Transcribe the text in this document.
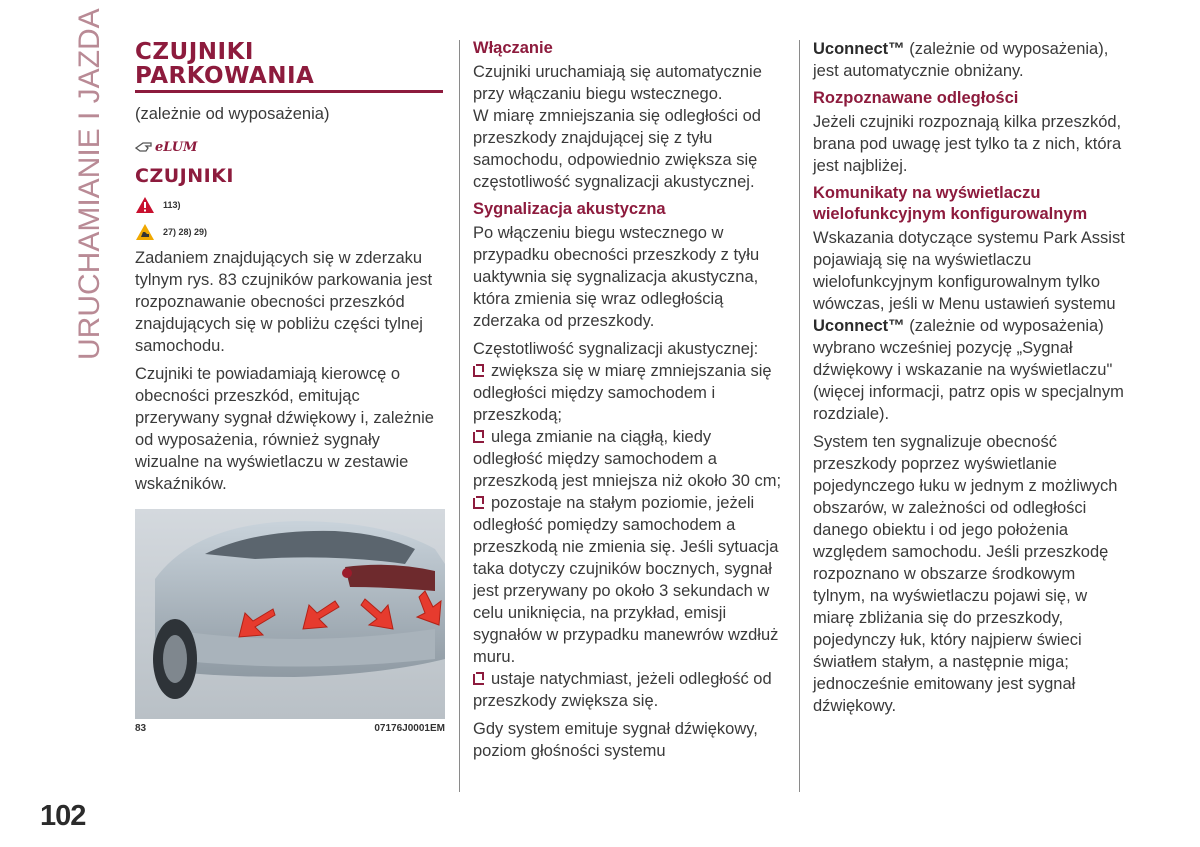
URUCHAMIANIE I JAZDA
102
CZUJNIKI
PARKOWANIA

(zależnie od wyposażenia)

eLUM
CZUJNIKI
113)
27) 28) 29)

Zadaniem znajdujących się w zderzaku tylnym rys. 83 czujników parkowania jest rozpoznawanie obecności przeszkód znajdujących się w pobliżu części tylnej samochodu.

Czujniki te powiadamiają kierowcę o obecności przeszkód, emitując przerywany sygnał dźwiękowy i, zależnie od wyposażenia, również sygnały wizualne na wyświetlaczu w zestawie wskaźników.

83	07176J0001EM
Włączanie

Czujniki uruchamiają się automatycznie przy włączaniu biegu wstecznego.

W miarę zmniejszania się odległości od przeszkody znajdującej się z tyłu samochodu, odpowiednio zwiększa się częstotliwość sygnalizacji akustycznej.

Sygnalizacja akustyczna

Po włączeniu biegu wstecznego w przypadku obecności przeszkody z tyłu uaktywnia się sygnalizacja akustyczna, która zmienia się wraz odległością zderzaka od przeszkody.

Częstotliwość sygnalizacji akustycznej:

zwiększa się w miarę zmniejszania się odległości między samochodem i przeszkodą;

ulega zmianie na ciągłą, kiedy odległość między samochodem a przeszkodą jest mniejsza niż około 30 cm;

pozostaje na stałym poziomie, jeżeli odległość pomiędzy samochodem a przeszkodą nie zmienia się. Jeśli sytuacja taka dotyczy czujników bocznych, sygnał jest przerywany po około 3 sekundach w celu uniknięcia, na przykład, emisji sygnałów w przypadku manewrów wzdłuż muru.

ustaje natychmiast, jeżeli odległość od przeszkody zwiększa się.

Gdy system emituje sygnał dźwiękowy, poziom głośności systemu

Uconnect™ (zależnie od wyposażenia), jest automatycznie obniżany.

Rozpoznawane odległości

Jeżeli czujniki rozpoznają kilka przeszkód, brana pod uwagę jest tylko ta z nich, która jest najbliżej.

Komunikaty na wyświetlaczu wielofunkcyjnym konfigurowalnym

Wskazania dotyczące systemu Park Assist pojawiają się na wyświetlaczu wielofunkcyjnym konfigurowalnym tylko wówczas, jeśli w Menu ustawień systemu Uconnect™ (zależnie od wyposażenia) wybrano wcześniej pozycję „Sygnał dźwiękowy i wskazanie na wyświetlaczu" (więcej informacji, patrz opis w specjalnym rozdziale).

System ten sygnalizuje obecność przeszkody poprzez wyświetlanie pojedynczego łuku w jednym z możliwych obszarów, w zależności od odległości danego obiektu i od jego położenia względem samochodu. Jeśli przeszkodę rozpoznano w obszarze środkowym tylnym, na wyświetlaczu pojawi się, w miarę zbliżania się do przeszkody, pojedynczy łuk, który najpierw świeci światłem stałym, a następnie miga; jednocześnie emitowany jest sygnał dźwiękowy.
